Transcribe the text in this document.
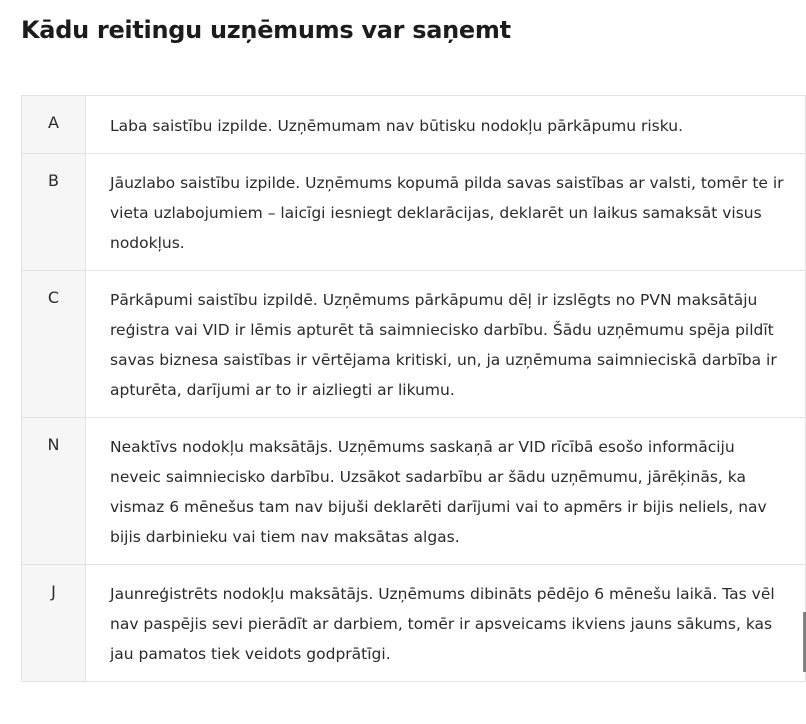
Kādu reitingu uzņēmums var saņemt
A	Laba saistību izpilde. Uzņēmumam nav būtisku nodokļu pārkāpumu risku.
B	Jāuzlabo saistību izpilde. Uzņēmums kopumā pilda savas saistības ar valsti, tomēr te ir vieta uzlabojumiem – laicīgi iesniegt deklarācijas, deklarēt un laikus samaksāt visus nodokļus.
C	Pārkāpumi saistību izpildē. Uzņēmums pārkāpumu dēļ ir izslēgts no PVN maksātāju reģistra vai VID ir lēmis apturēt tā saimniecisko darbību. Šādu uzņēmumu spēja pildīt savas biznesa saistības ir vērtējama kritiski, un, ja uzņēmuma saimnieciskā darbība ir apturēta, darījumi ar to ir aizliegti ar likumu.
N	Neaktīvs nodokļu maksātājs. Uzņēmums saskaņā ar VID rīcībā esošo informāciju neveic saimniecisko darbību. Uzsākot sadarbību ar šādu uzņēmumu, jārēķinās, ka vismaz 6 mēnešus tam nav bijuši deklarēti darījumi vai to apmērs ir bijis neliels, nav bijis darbinieku vai tiem nav maksātas algas.
J	Jaunreģistrēts nodokļu maksātājs. Uzņēmums dibināts pēdējo 6 mēnešu laikā. Tas vēl nav paspējis sevi pierādīt ar darbiem, tomēr ir apsveicams ikviens jauns sākums, kas jau pamatos tiek veidots godprātīgi.
